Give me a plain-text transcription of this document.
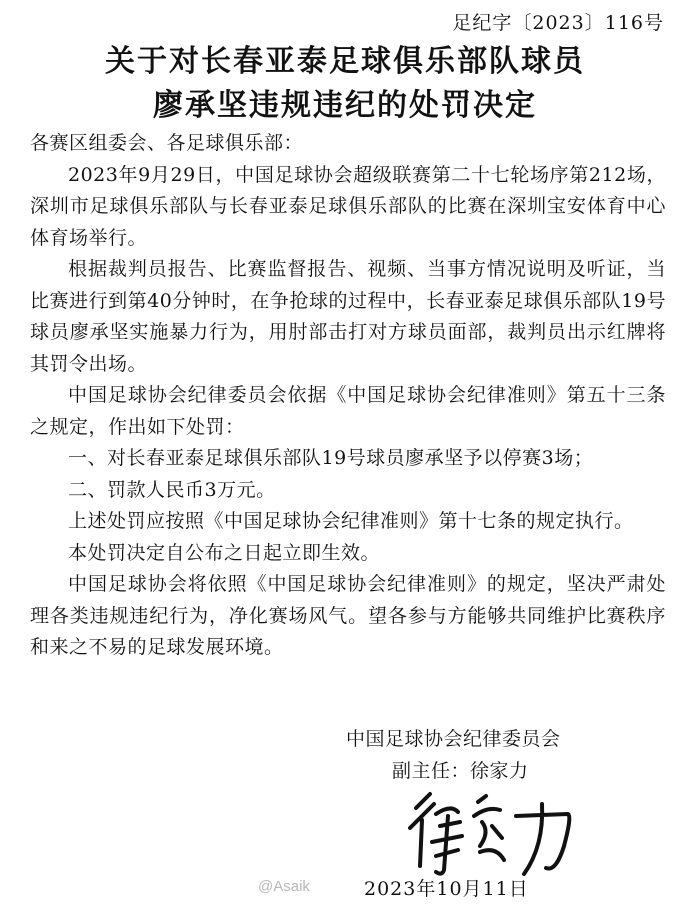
足纪字〔2023〕116号
关于对长春亚泰足球俱乐部队球员
廖承坚违规违纪的处罚决定

各赛区组委会、各足球俱乐部：

2023年9月29日，中国足球协会超级联赛第二十七轮场序第212场，深圳市足球俱乐部队与长春亚泰足球俱乐部队的比赛在深圳宝安体育中心体育场举行。

根据裁判员报告、比赛监督报告、视频、当事方情况说明及听证，当比赛进行到第40分钟时，在争抢球的过程中，长春亚泰足球俱乐部队19号球员廖承坚实施暴力行为，用肘部击打对方球员面部，裁判员出示红牌将其罚令出场。

中国足球协会纪律委员会依据《中国足球协会纪律准则》第五十三条之规定，作出如下处罚：

一、对长春亚泰足球俱乐部队19号球员廖承坚予以停赛3场；

二、罚款人民币3万元。

上述处罚应按照《中国足球协会纪律准则》第十七条的规定执行。

本处罚决定自公布之日起立即生效。

中国足球协会将依照《中国足球协会纪律准则》的规定，坚决严肃处理各类违规违纪行为，净化赛场风气。望各参与方能够共同维护比赛秩序和来之不易的足球发展环境。

中国足球协会纪律委员会
副主任：徐家力
@Asaik	2023年10月11日
